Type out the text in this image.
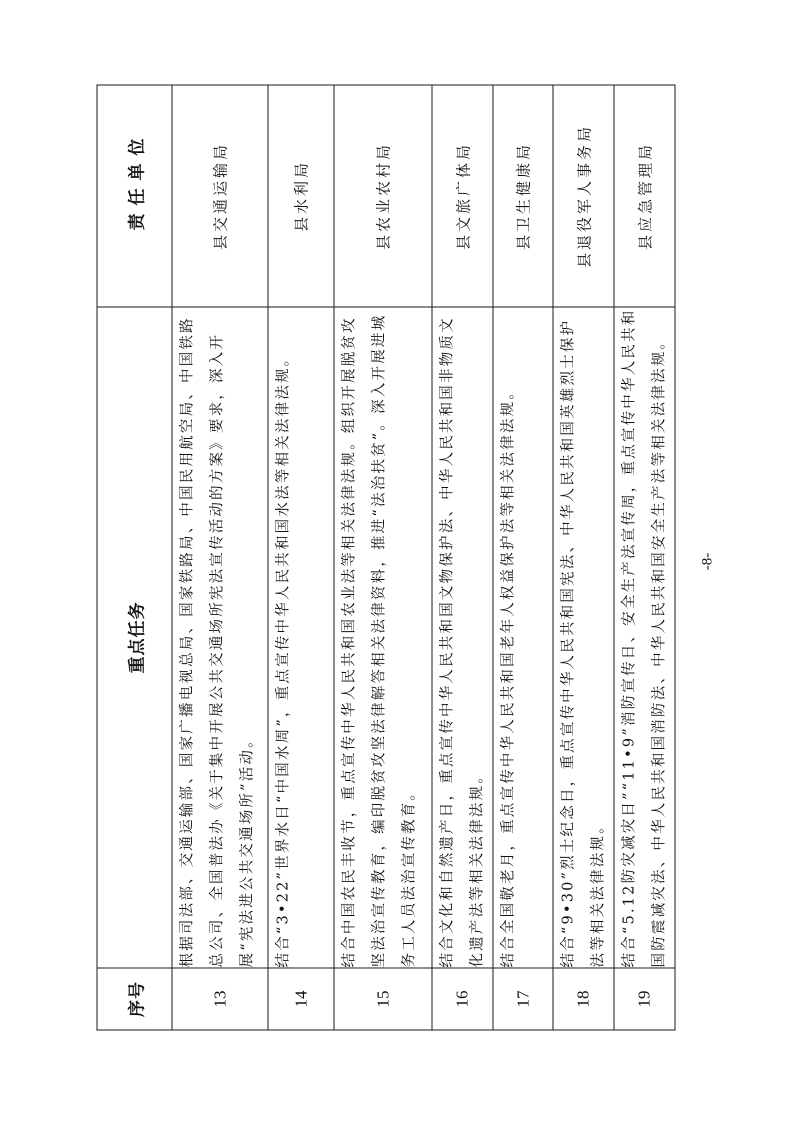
序号	重点任务	责 任 单 位
13	根据司法部、交通运输部、国家广播电视总局、国家铁路局、中国民用航空局、中国铁路总公司、全国普法办《关于集中开展公共交通场所宪法宣传活动的方案》要求，深入开展“宪法进公共交通场所”活动。	县交通运输局
14	结合“3•22”世界水日“中国水周”，重点宣传中华人民共和国水法等相关法律法规。	县水利局
15	结合中国农民丰收节，重点宣传中华人民共和国农业法等相关法律法规。组织开展脱贫攻坚法治宣传教育，编印脱贫攻坚法律解答相关法律资料，推进“法治扶贫”。深入开展进城务工人员法治宣传教育。	县农业农村局
16	结合文化和自然遗产日，重点宣传中华人民共和国文物保护法、中华人民共和国非物质文化遗产法等相关法律法规。	县文旅广体局
17	结合全国敬老月，重点宣传中华人民共和国老年人权益保护法等相关法律法规。	县卫生健康局
18	结合“9•30”烈士纪念日，重点宣传中华人民共和国宪法、中华人民共和国英雄烈士保护法等相关法律法规。	县退役军人事务局
19	结合“5.12防灾减灾日”“11•9”消防宣传日、安全生产法宣传周，重点宣传中华人民共和国防震减灾法、中华人民共和国消防法、中华人民共和国安全生产法等相关法律法规。	县应急管理局
-8-
